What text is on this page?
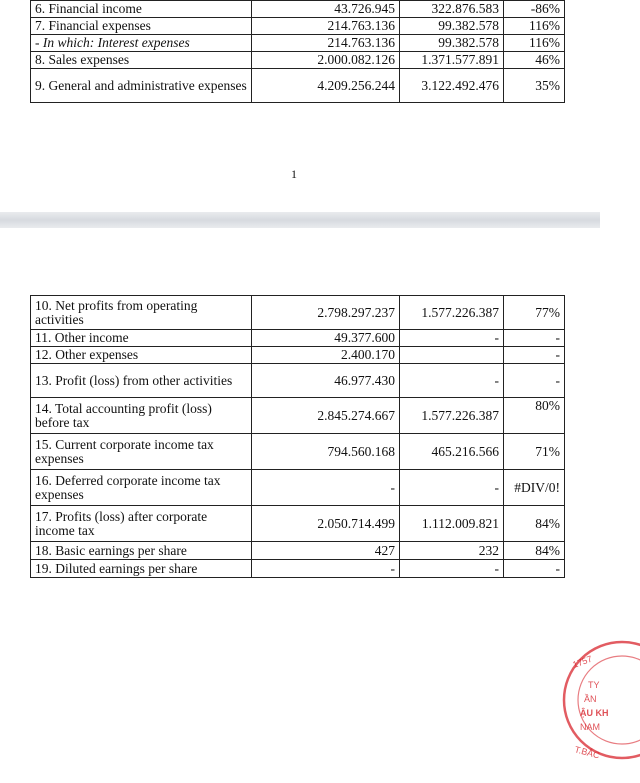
6. Financial income	43.726.945	322.876.583	-86%
7. Financial expenses	214.763.136	99.382.578	116%
- In which: Interest expenses	214.763.136	99.382.578	116%
8. Sales expenses	2.000.082.126	1.371.577.891	46%
9. General and administrative expenses	4.209.256.244	3.122.492.476	35%
1
10. Net profits from operating activities	2.798.297.237	1.577.226.387	77%
11. Other income	49.377.600	-	-
12. Other expenses	2.400.170		-
13. Profit (loss) from other activities	46.977.430	-	-
14. Total accounting profit (loss) before tax	2.845.274.667	1.577.226.387	80%
15. Current corporate income tax expenses	794.560.168	465.216.566	71%
16. Deferred corporate income tax expenses	-	-	#DIV/0!
17. Profits (loss) after corporate income tax	2.050.714.499	1.112.009.821	84%
18. Basic earnings per share	427	232	84%
19. Diluted earnings per share	-	-	-
1757
TY
ẦN
ẬU KH
NAM
T.BẮC
